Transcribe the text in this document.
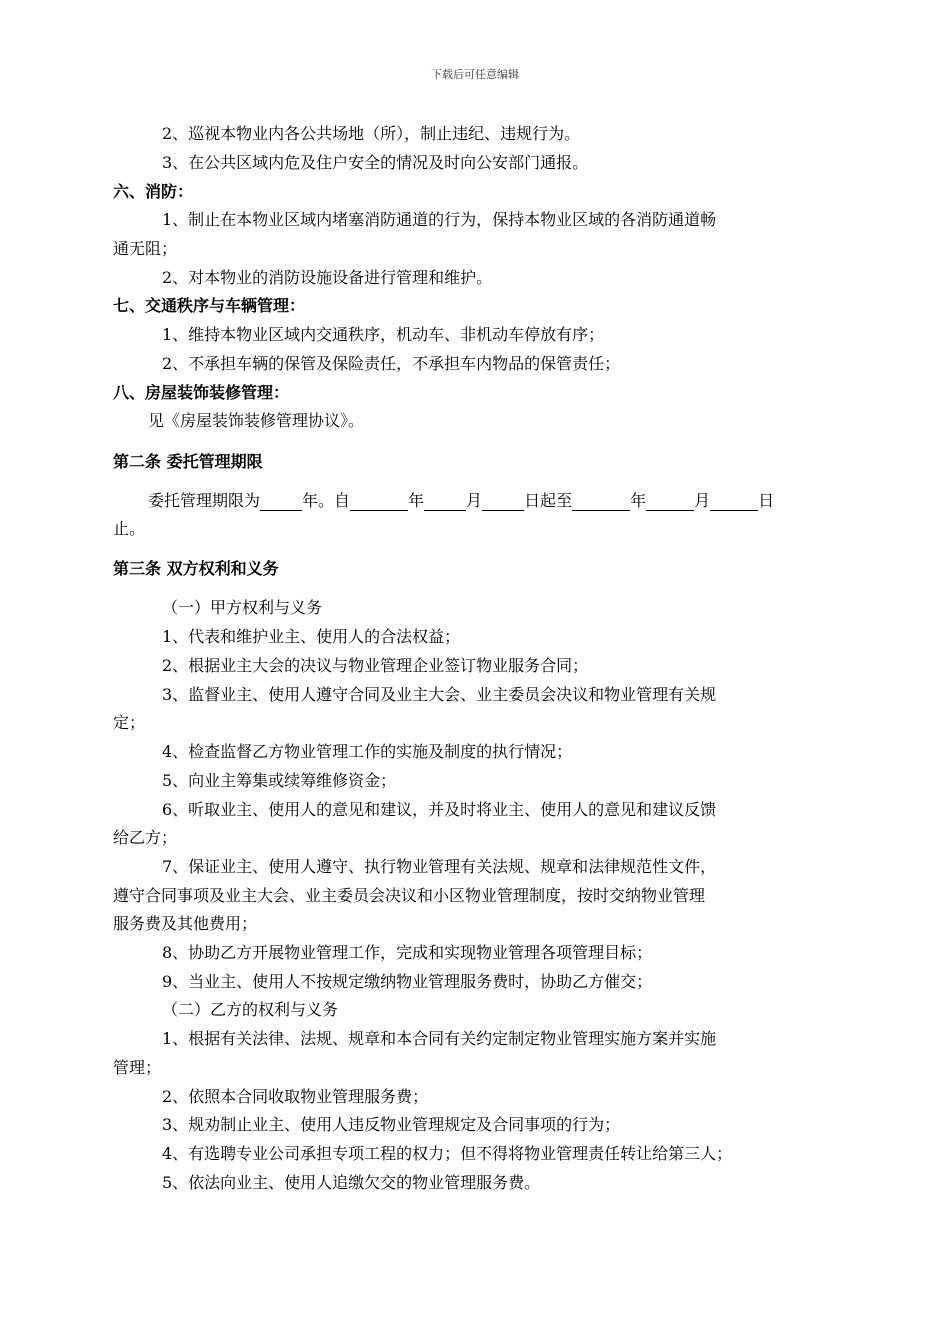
下载后可任意编辑
2、巡视本物业内各公共场地（所），制止违纪、违规行为。
3、在公共区域内危及住户安全的情况及时向公安部门通报。
六、消防：
1、制止在本物业区域内堵塞消防通道的行为，保持本物业区域的各消防通道畅
通无阻；
2、对本物业的消防设施设备进行管理和维护。
七、交通秩序与车辆管理：
1、维持本物业区域内交通秩序，机动车、非机动车停放有序；
2、不承担车辆的保管及保险责任，不承担车内物品的保管责任；
八、房屋装饰装修管理：
见《房屋装饰装修管理协议》。
第二条 委托管理期限
委托管理期限为	年。自	年	月	日起至	年	月	日
止。
第三条 双方权利和义务
（一）甲方权利与义务
1、代表和维护业主、使用人的合法权益；
2、根据业主大会的决议与物业管理企业签订物业服务合同；
3、监督业主、使用人遵守合同及业主大会、业主委员会决议和物业管理有关规
定；
4、检查监督乙方物业管理工作的实施及制度的执行情况；
5、向业主筹集或续筹维修资金；
6、听取业主、使用人的意见和建议，并及时将业主、使用人的意见和建议反馈
给乙方；
7、保证业主、使用人遵守、执行物业管理有关法规、规章和法律规范性文件，
遵守合同事项及业主大会、业主委员会决议和小区物业管理制度，按时交纳物业管理
服务费及其他费用；
8、协助乙方开展物业管理工作，完成和实现物业管理各项管理目标；
9、当业主、使用人不按规定缴纳物业管理服务费时，协助乙方催交；
（二）乙方的权利与义务
1、根据有关法律、法规、规章和本合同有关约定制定物业管理实施方案并实施
管理；
2、依照本合同收取物业管理服务费；
3、规劝制止业主、使用人违反物业管理规定及合同事项的行为；
4、有选聘专业公司承担专项工程的权力；但不得将物业管理责任转让给第三人；
5、依法向业主、使用人追缴欠交的物业管理服务费。
